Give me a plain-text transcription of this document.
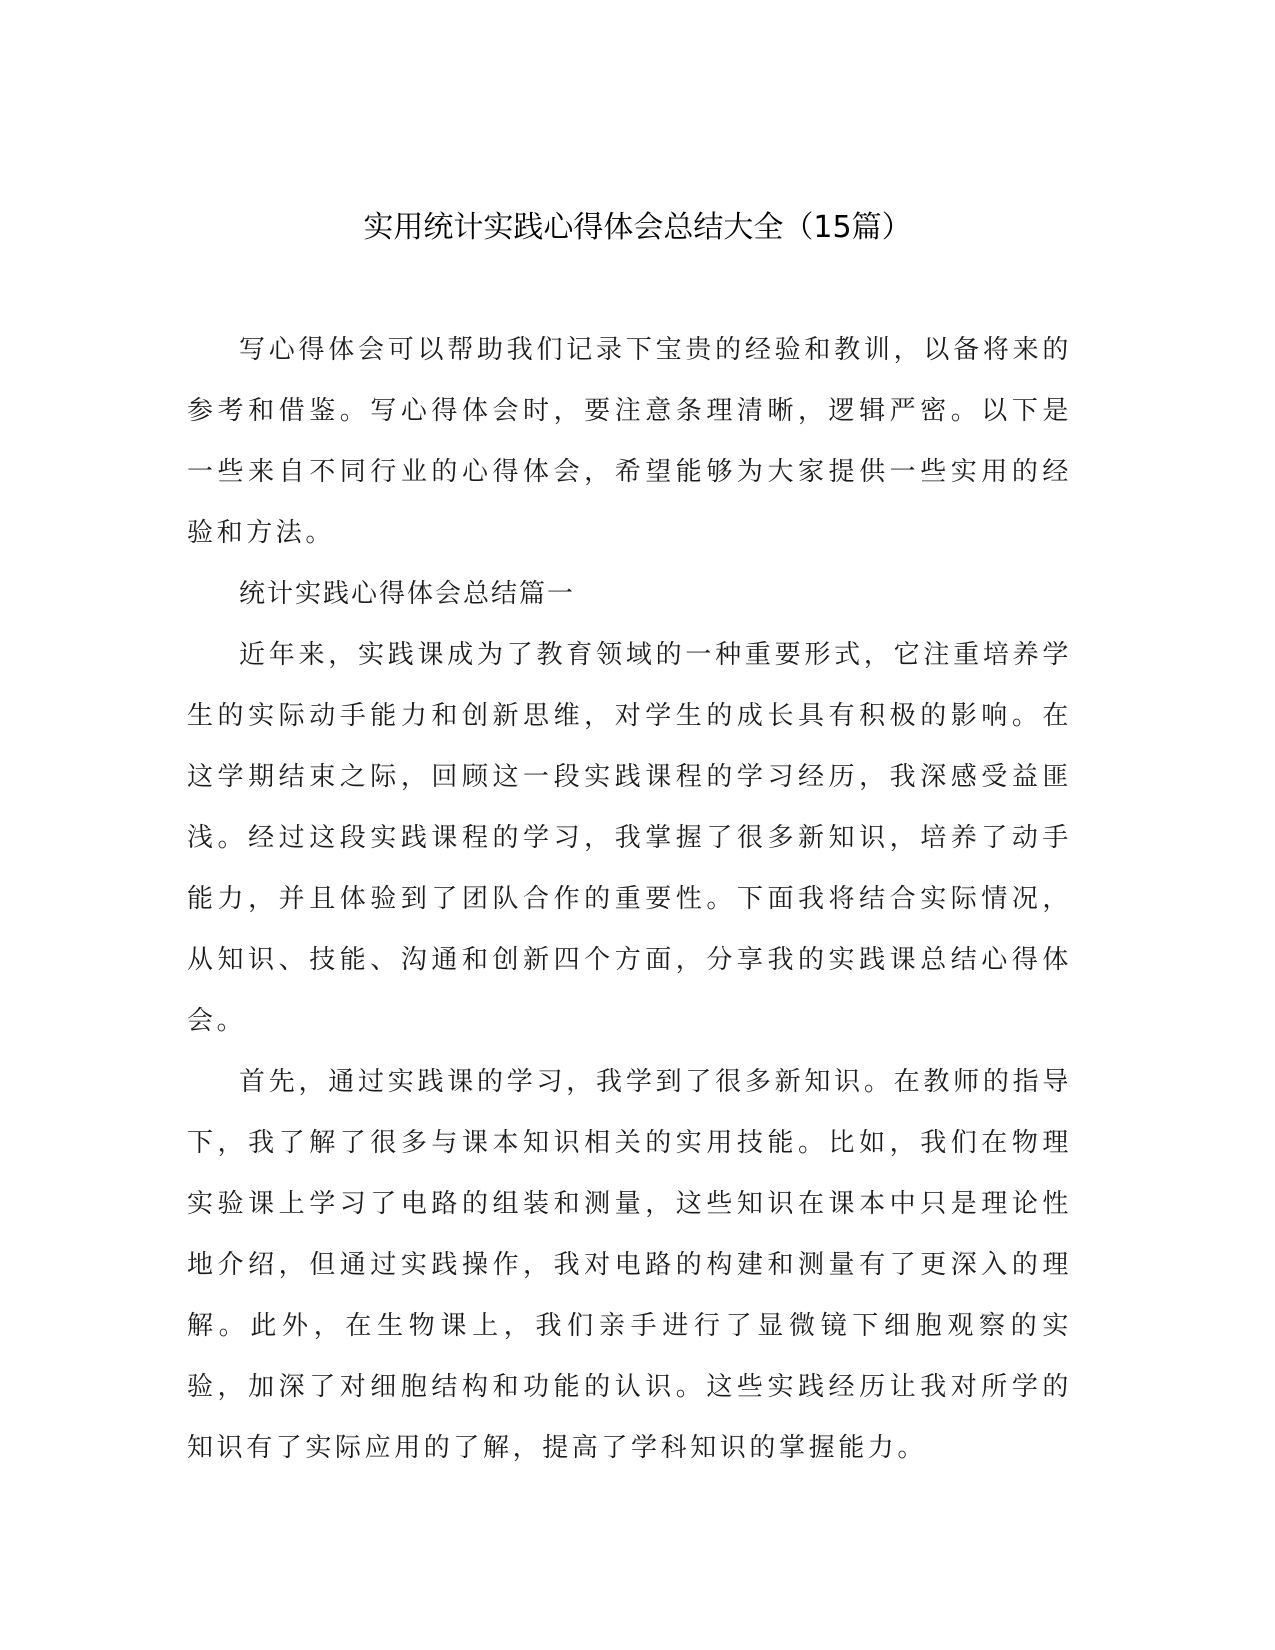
实用统计实践心得体会总结大全（15篇）

写心得体会可以帮助我们记录下宝贵的经验和教训，以备将来的参考和借鉴。写心得体会时，要注意条理清晰，逻辑严密。以下是一些来自不同行业的心得体会，希望能够为大家提供一些实用的经验和方法。

统计实践心得体会总结篇一

近年来，实践课成为了教育领域的一种重要形式，它注重培养学生的实际动手能力和创新思维，对学生的成长具有积极的影响。在这学期结束之际，回顾这一段实践课程的学习经历，我深感受益匪浅。经过这段实践课程的学习，我掌握了很多新知识，培养了动手能力，并且体验到了团队合作的重要性。下面我将结合实际情况，从知识、技能、沟通和创新四个方面，分享我的实践课总结心得体会。

首先，通过实践课的学习，我学到了很多新知识。在教师的指导下，我了解了很多与课本知识相关的实用技能。比如，我们在物理实验课上学习了电路的组装和测量，这些知识在课本中只是理论性地介绍，但通过实践操作，我对电路的构建和测量有了更深入的理解。此外，在生物课上，我们亲手进行了显微镜下细胞观察的实验，加深了对细胞结构和功能的认识。这些实践经历让我对所学的知识有了实际应用的了解，提高了学科知识的掌握能力。
